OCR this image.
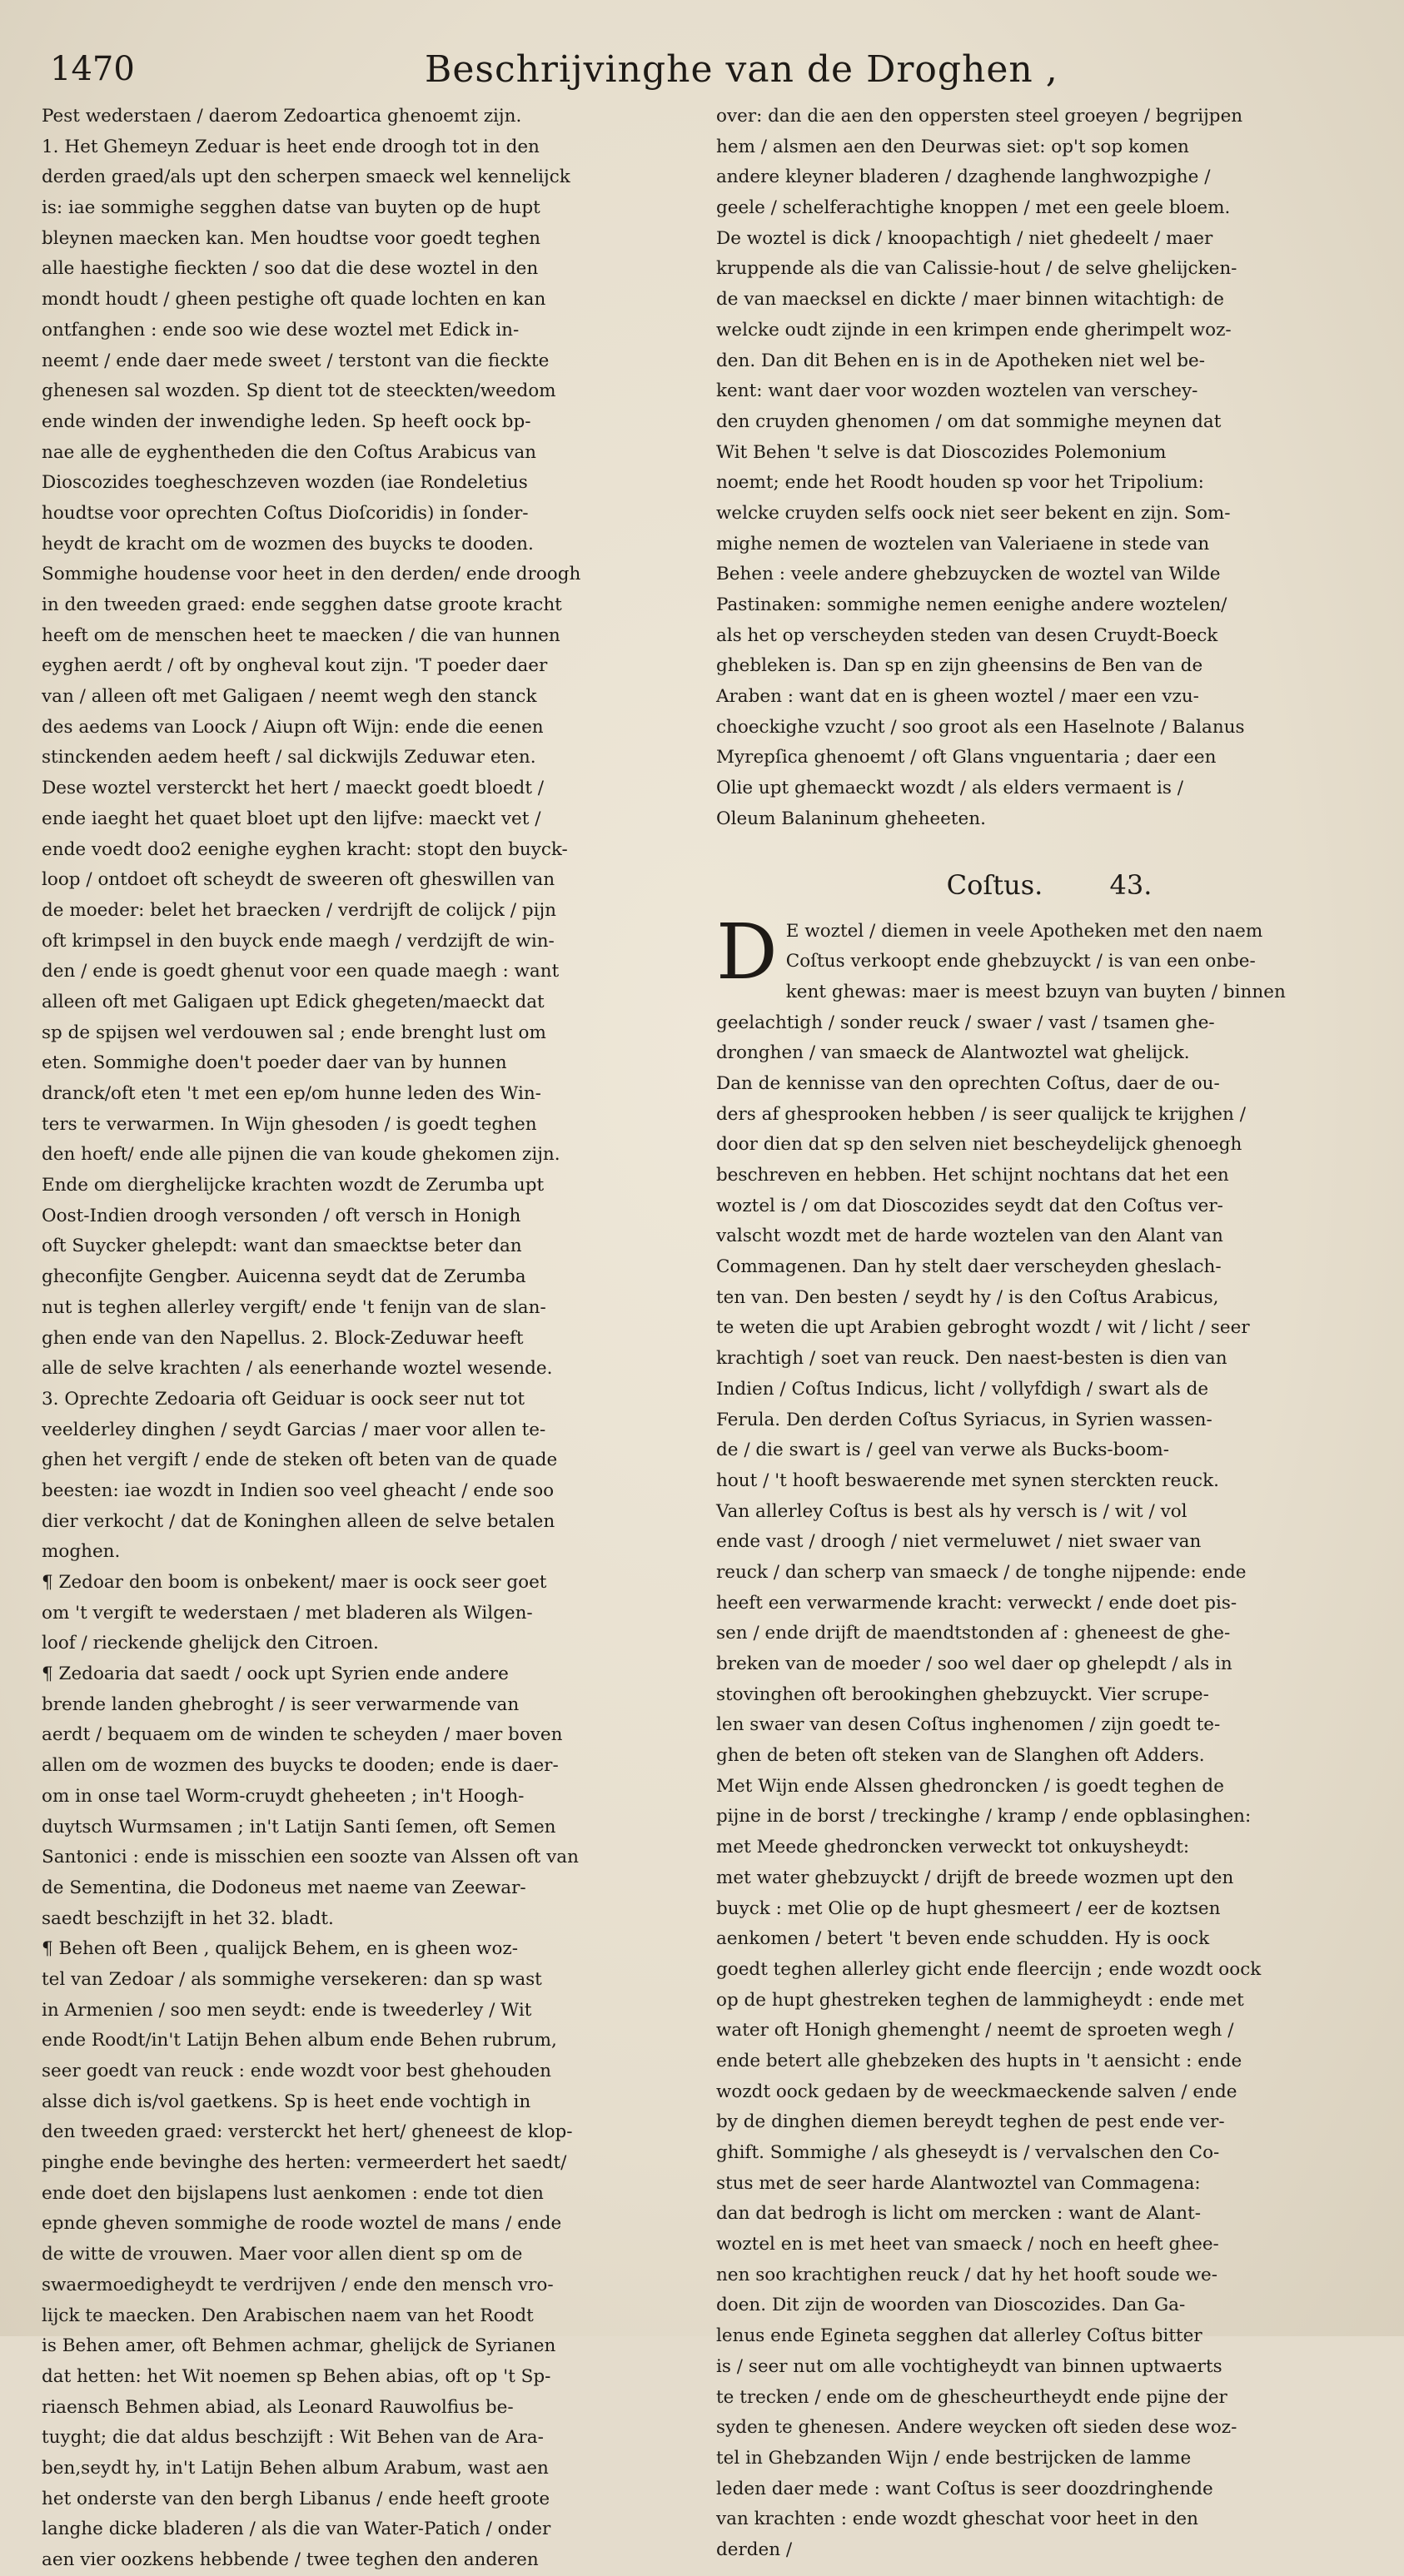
1470	Beschrijvinghe van de Droghen ,
Pest wederstaen / daerom Zedoartica ghenoemt zijn.
1. Het Ghemeyn Zeduar is heet ende droogh tot in den
derden graed/als upt den scherpen smaeck wel kennelijck
is: iae sommighe segghen datse van buyten op de hupt
bleynen maecken kan. Men houdtse voor goedt teghen
alle haestighe fieckten / soo dat die dese woztel in den
mondt houdt / gheen pestighe oft quade lochten en kan
ontfanghen : ende soo wie dese woztel met Edick in-
neemt / ende daer mede sweet / terstont van die fieckte
ghenesen sal wozden. Sp dient tot de steeckten/weedom
ende winden der inwendighe leden. Sp heeft oock bp-
nae alle de eyghentheden die den Coſtus Arabicus van
Dioscozides toegheschzeven wozden (iae Rondeletius
houdtse voor oprechten Coſtus Dioſcoridis) in ſonder-
heydt de kracht om de wozmen des buycks te dooden.
Sommighe houdense voor heet in den derden/ ende droogh
in den tweeden graed: ende segghen datse groote kracht
heeft om de menschen heet te maecken / die van hunnen
eyghen aerdt / oft by ongheval kout zijn. 'T poeder daer
van / alleen oft met Galigaen / neemt wegh den stanck
des aedems van Loock / Aiupn oft Wijn: ende die eenen
stinckenden aedem heeft / sal dickwijls Zeduwar eten.
Dese woztel versterckt het hert / maeckt goedt bloedt /
ende iaeght het quaet bloet upt den lijfve: maeckt vet /
ende voedt doo2 eenighe eyghen kracht: stopt den buyck-
loop / ontdoet oft scheydt de sweeren oft gheswillen van
de moeder: belet het braecken / verdrijft de colijck / pijn
oft krimpsel in den buyck ende maegh / verdzijft de win-
den / ende is goedt ghenut voor een quade maegh : want
alleen oft met Galigaen upt Edick ghegeten/maeckt dat
sp de spijsen wel verdouwen sal ; ende brenght lust om
eten. Sommighe doen't poeder daer van by hunnen
dranck/oft eten 't met een ep/om hunne leden des Win-
ters te verwarmen. In Wijn ghesoden / is goedt teghen
den hoeft/ ende alle pijnen die van koude ghekomen zijn.
Ende om dierghelijcke krachten wozdt de Zerumba upt
Oost-Indien droogh versonden / oft versch in Honigh
oft Suycker ghelepdt: want dan smaecktse beter dan
gheconfijte Gengber. Auicenna seydt dat de Zerumba
nut is teghen allerley vergift/ ende 't fenijn van de slan-
ghen ende van den Napellus. 2. Block-Zeduwar heeft
alle de selve krachten / als eenerhande woztel wesende.
3. Oprechte Zedoaria oft Geiduar is oock seer nut tot
veelderley dinghen / seydt Garcias / maer voor allen te-
ghen het vergift / ende de steken oft beten van de quade
beesten: iae wozdt in Indien soo veel gheacht / ende soo
dier verkocht / dat de Koninghen alleen de selve betalen
moghen.
¶ Zedoar den boom is onbekent/ maer is oock seer goet
om 't vergift te wederstaen / met bladeren als Wilgen-
loof / rieckende ghelijck den Citroen.
¶ Zedoaria dat saedt / oock upt Syrien ende andere
brende landen ghebroght / is seer verwarmende van
aerdt / bequaem om de winden te scheyden / maer boven
allen om de wozmen des buycks te dooden; ende is daer-
om in onse tael Worm-cruydt gheheeten ; in't Hoogh-
duytsch Wurmsamen ; in't Latijn Santi ſemen, oft Semen
Santonici : ende is misschien een soozte van Alssen oft van
de Sementina, die Dodoneus met naeme van Zeewar-
saedt beschzijft in het 32. bladt.
¶ Behen oft Been , qualijck Behem, en is gheen woz-
tel van Zedoar / als sommighe versekeren: dan sp wast
in Armenien / soo men seydt: ende is tweederley / Wit
ende Roodt/in't Latijn Behen album ende Behen rubrum,
seer goedt van reuck : ende wozdt voor best ghehouden
alsse dich is/vol gaetkens. Sp is heet ende vochtigh in
den tweeden graed: versterckt het hert/ gheneest de klop-
pinghe ende bevinghe des herten: vermeerdert het saedt/
ende doet den bijslapens lust aenkomen : ende tot dien
epnde gheven sommighe de roode woztel de mans / ende
de witte de vrouwen. Maer voor allen dient sp om de
swaermoedigheydt te verdrijven / ende den mensch vro-
lijck te maecken. Den Arabischen naem van het Roodt
is Behen amer, oft Behmen achmar, ghelijck de Syrianen
dat hetten: het Wit noemen sp Behen abias, oft op 't Sp-
riaensch Behmen abiad, als Leonard Rauwolfius be-
tuyght; die dat aldus beschzijft : Wit Behen van de Ara-
ben,seydt hy, in't Latijn Behen album Arabum, wast aen
het onderste van den bergh Libanus / ende heeft groote
langhe dicke bladeren / als die van Water-Patich / onder
aen vier oozkens hebbende / twee teghen den anderen
over: dan die aen den oppersten steel groeyen / begrijpen
hem / alsmen aen den Deurwas siet: op't sop komen
andere kleyner bladeren / dzaghende langhwozpighe /
geele / schelferachtighe knoppen / met een geele bloem.
De woztel is dick / knoopachtigh / niet ghedeelt / maer
kruppende als die van Calissie-hout / de selve ghelijcken-
de van maecksel en dickte / maer binnen witachtigh: de
welcke oudt zijnde in een krimpen ende gherimpelt woz-
den. Dan dit Behen en is in de Apotheken niet wel be-
kent: want daer voor wozden woztelen van verschey-
den cruyden ghenomen / om dat sommighe meynen dat
Wit Behen 't selve is dat Dioscozides Polemonium
noemt; ende het Roodt houden sp voor het Tripolium:
welcke cruyden selfs oock niet seer bekent en zijn. Som-
mighe nemen de woztelen van Valeriaene in stede van
Behen : veele andere ghebzuycken de woztel van Wilde
Pastinaken: sommighe nemen eenighe andere woztelen/
als het op verscheyden steden van desen Cruydt-Boeck
ghebleken is. Dan sp en zijn gheensins de Ben van de
Araben : want dat en is gheen woztel / maer een vzu-
choeckighe vzucht / soo groot als een Haselnote / Balanus
Myrepſica ghenoemt / oft Glans vnguentaria ; daer een
Olie upt ghemaeckt wozdt / als elders vermaent is /
Oleum Balaninum gheheeten.
Coſtus.	43.
D E woztel / diemen in veele Apotheken met den naem
Coſtus verkoopt ende ghebzuyckt / is van een onbe-
kent ghewas: maer is meest bzuyn van buyten / binnen
geelachtigh / sonder reuck / swaer / vast / tsamen ghe-
dronghen / van smaeck de Alantwoztel wat ghelijck.
Dan de kennisse van den oprechten Coſtus, daer de ou-
ders af ghesprooken hebben / is seer qualijck te krijghen /
door dien dat sp den selven niet bescheydelijck ghenoegh
beschreven en hebben. Het schijnt nochtans dat het een
woztel is / om dat Dioscozides seydt dat den Coſtus ver-
valscht wozdt met de harde woztelen van den Alant van
Commagenen. Dan hy stelt daer verscheyden gheslach-
ten van. Den besten / seydt hy / is den Coſtus Arabicus,
te weten die upt Arabien gebroght wozdt / wit / licht / seer
krachtigh / soet van reuck. Den naest-besten is dien van
Indien / Coſtus Indicus, licht / vollyfdigh / swart als de
Ferula. Den derden Coſtus Syriacus, in Syrien wassen-
de / die swart is / geel van verwe als Bucks-boom-
hout / 't hooft beswaerende met synen sterckten reuck.
Van allerley Coſtus is best als hy versch is / wit / vol
ende vast / droogh / niet vermeluwet / niet swaer van
reuck / dan scherp van smaeck / de tonghe nijpende: ende
heeft een verwarmende kracht: verweckt / ende doet pis-
sen / ende drijft de maendtstonden af : gheneest de ghe-
breken van de moeder / soo wel daer op ghelepdt / als in
stovinghen oft berookinghen ghebzuyckt. Vier scrupe-
len swaer van desen Coſtus inghenomen / zijn goedt te-
ghen de beten oft steken van de Slanghen oft Adders.
Met Wijn ende Alssen ghedroncken / is goedt teghen de
pijne in de borst / treckinghe / kramp / ende opblasinghen:
met Meede ghedroncken verweckt tot onkuysheydt:
met water ghebzuyckt / drijft de breede wozmen upt den
buyck : met Olie op de hupt ghesmeert / eer de koztsen
aenkomen / betert 't beven ende schudden. Hy is oock
goedt teghen allerley gicht ende fleercijn ; ende wozdt oock
op de hupt ghestreken teghen de lammigheydt : ende met
water oft Honigh ghemenght / neemt de sproeten wegh /
ende betert alle ghebzeken des hupts in 't aensicht : ende
wozdt oock gedaen by de weeckmaeckende salven / ende
by de dinghen diemen bereydt teghen de pest ende ver-
ghift. Sommighe / als gheseydt is / vervalschen den Co-
stus met de seer harde Alantwoztel van Commagena:
dan dat bedrogh is licht om mercken : want de Alant-
woztel en is met heet van smaeck / noch en heeft ghee-
nen soo krachtighen reuck / dat hy het hooft soude we-
doen. Dit zijn de woorden van Dioscozides. Dan Ga-
lenus ende Egineta segghen dat allerley Coſtus bitter
is / seer nut om alle vochtigheydt van binnen uptwaerts
te trecken / ende om de ghescheurtheydt ende pijne der
syden te ghenesen. Andere weycken oft sieden dese woz-
tel in Ghebzanden Wijn / ende bestrijcken de lamme
leden daer mede : want Coſtus is seer doozdringhende
van krachten : ende wozdt gheschat voor heet in den
derden /
